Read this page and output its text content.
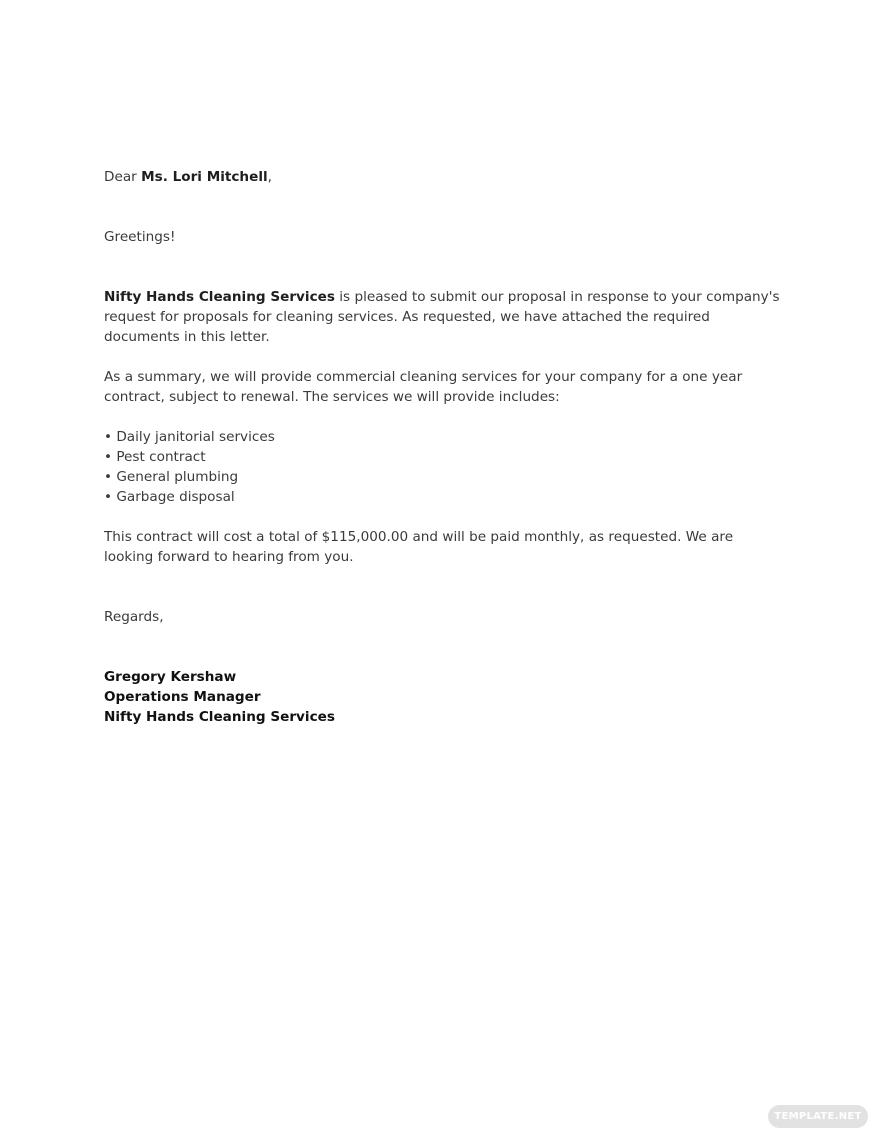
Dear Ms. Lori Mitchell,

Greetings!

Nifty Hands Cleaning Services is pleased to submit our proposal in response to your company's request for proposals for cleaning services. As requested, we have attached the required documents in this letter.

As a summary, we will provide commercial cleaning services for your company for a one year contract, subject to renewal. The services we will provide includes:

• Daily janitorial services
• Pest contract
• General plumbing
• Garbage disposal

This contract will cost a total of $115,000.00 and will be paid monthly, as requested. We are looking forward to hearing from you.

Regards,

Gregory Kershaw

Operations Manager

Nifty Hands Cleaning Services

TEMPLATE.NET
